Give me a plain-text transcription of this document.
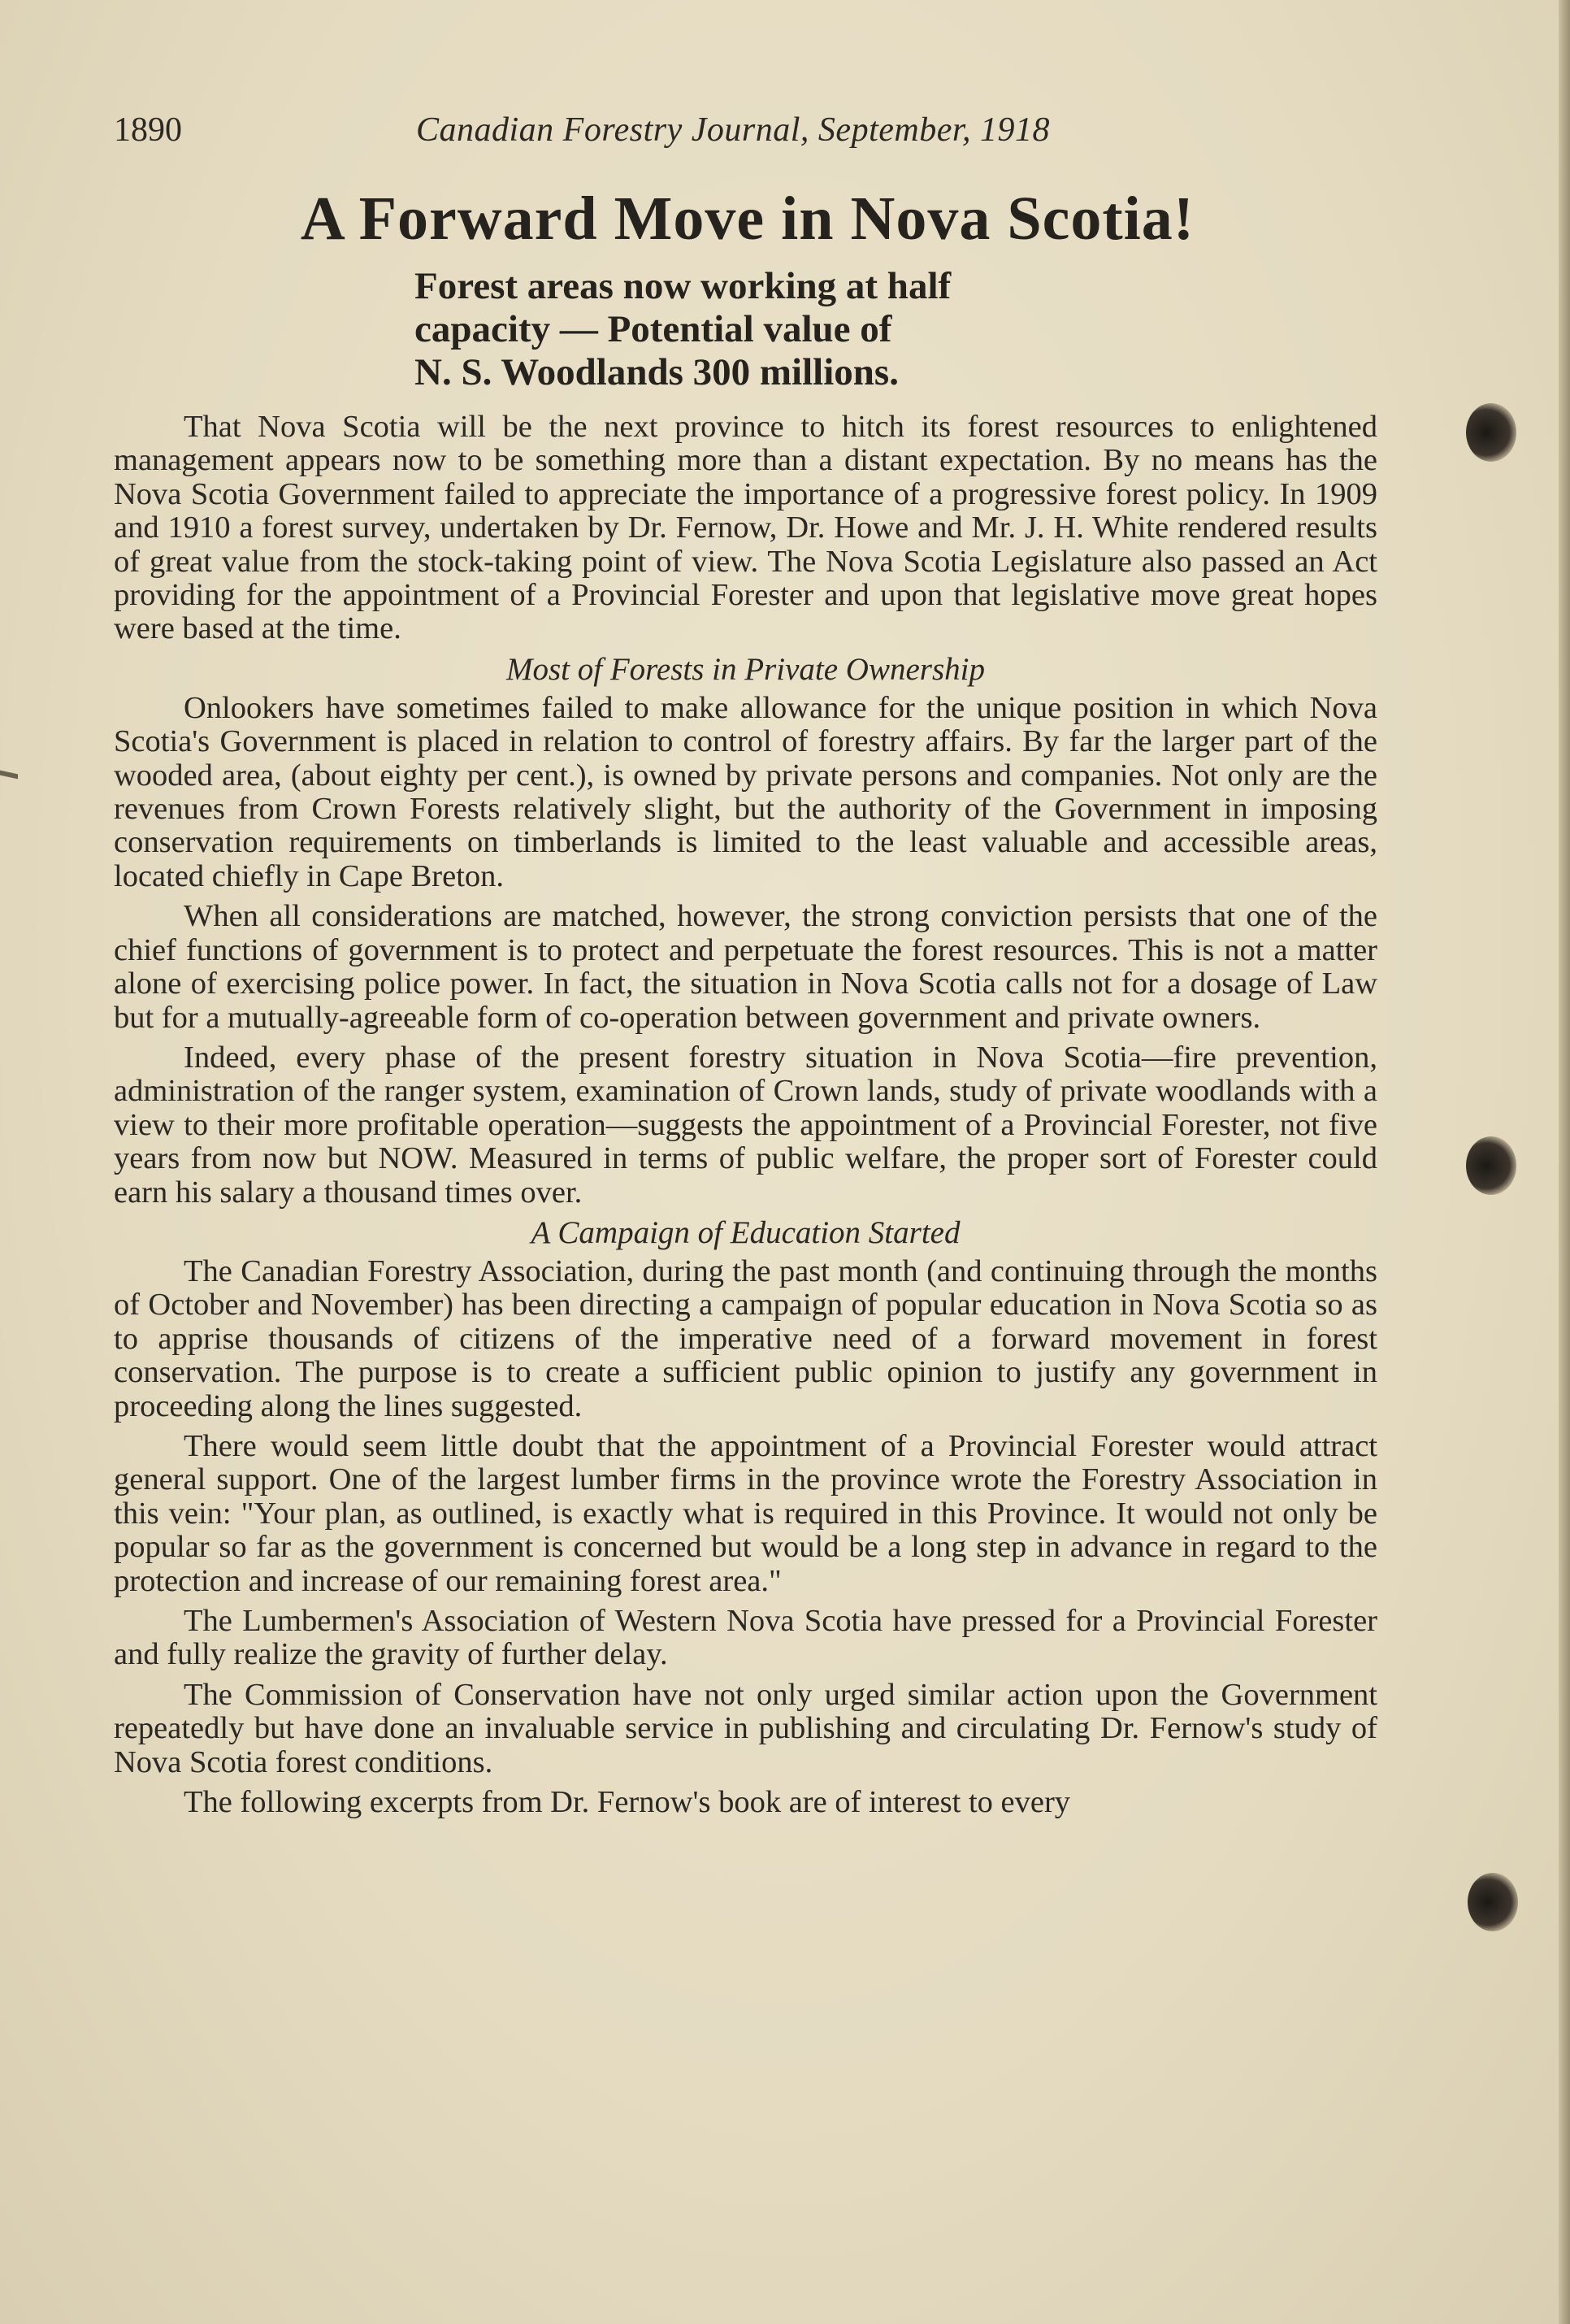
1890	Canadian Forestry Journal, September, 1918
A Forward Move in Nova Scotia!
Forest areas now working at half
capacity — Potential value of
N. S. Woodlands 300 millions.

That Nova Scotia will be the next province to hitch its forest resources to enlightened management appears now to be something more than a distant expectation. By no means has the Nova Scotia Government failed to appreciate the importance of a progressive forest policy. In 1909 and 1910 a forest survey, undertaken by Dr. Fernow, Dr. Howe and Mr. J. H. White rendered results of great value from the stock-taking point of view. The Nova Scotia Legislature also passed an Act providing for the appointment of a Provincial Forester and upon that legislative move great hopes were based at the time.

Most of Forests in Private Ownership

Onlookers have sometimes failed to make allowance for the unique position in which Nova Scotia's Government is placed in relation to control of forestry affairs. By far the larger part of the wooded area, (about eighty per cent.), is owned by private persons and companies. Not only are the revenues from Crown Forests relatively slight, but the authority of the Government in imposing conservation requirements on timberlands is limited to the least valuable and accessible areas, located chiefly in Cape Breton.

When all considerations are matched, however, the strong conviction persists that one of the chief functions of government is to protect and perpetuate the forest resources. This is not a matter alone of exercising police power. In fact, the situation in Nova Scotia calls not for a dosage of Law but for a mutually-agreeable form of co-operation between government and private owners.

Indeed, every phase of the present forestry situation in Nova Scotia—fire prevention, administration of the ranger system, examination of Crown lands, study of private woodlands with a view to their more profitable operation—suggests the appointment of a Provincial Forester, not five years from now but NOW. Measured in terms of public welfare, the proper sort of Forester could earn his salary a thousand times over.

A Campaign of Education Started

The Canadian Forestry Association, during the past month (and continuing through the months of October and November) has been directing a campaign of popular education in Nova Scotia so as to apprise thousands of citizens of the imperative need of a forward movement in forest conservation. The purpose is to create a sufficient public opinion to justify any government in proceeding along the lines suggested.

There would seem little doubt that the appointment of a Provincial Forester would attract general support. One of the largest lumber firms in the province wrote the Forestry Association in this vein: "Your plan, as outlined, is exactly what is required in this Province. It would not only be popular so far as the government is concerned but would be a long step in advance in regard to the protection and increase of our remaining forest area."

The Lumbermen's Association of Western Nova Scotia have pressed for a Provincial Forester and fully realize the gravity of further delay.

The Commission of Conservation have not only urged similar action upon the Government repeatedly but have done an invaluable service in publishing and circulating Dr. Fernow's study of Nova Scotia forest conditions.

The following excerpts from Dr. Fernow's book are of interest to every
